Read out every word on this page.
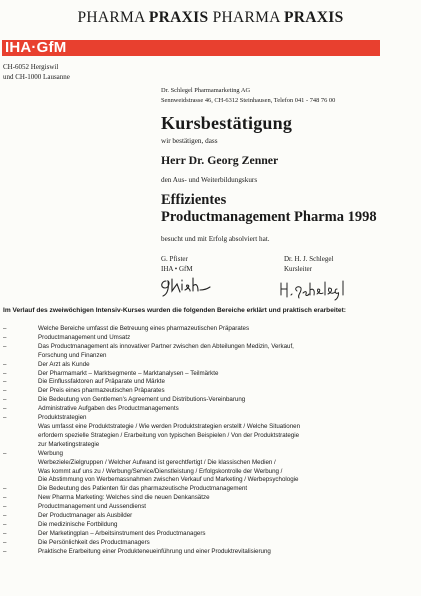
PHARMA PRAXIS PHARMA PRAXIS
IHA·GfM
CH-6052 Hergiswil
und CH-1000 Lausanne
Dr. Schlegel Pharmamarketing AG
Sennweidstrasse 46, CH-6312 Steinhausen, Telefon 041 - 748 76 00
Kursbestätigung
wir bestätigen, dass
Herr Dr. Georg Zenner
den Aus- und Weiterbildungskurs
Effizientes
Productmanagement Pharma 1998
besucht und mit Erfolg absolviert hat.
G. Pfister
IHA • GfM
Dr. H. J. Schlegel
Kursleiter
Im Verlauf des zweiwöchigen Intensiv-Kurses wurden die folgenden Bereiche erklärt und praktisch erarbeitet:
–	Welche Bereiche umfasst die Betreuung eines pharmazeutischen Präparates
–	Productmanagement und Umsatz
–	Das Productmanagement als innovativer Partner zwischen den Abteilungen Medizin, Verkauf,
Forschung und Finanzen
–	Der Arzt als Kunde
–	Der Pharmamarkt – Marktsegmente – Marktanalysen – Teilmärkte
–	Die Einflussfaktoren auf Präparate und Märkte
–	Der Preis eines pharmazeutischen Präparates
–	Die Bedeutung von Gentlemen's Agreement und Distributions-Vereinbarung
–	Administrative Aufgaben des Productmanagements
–	Produktstrategien
Was umfasst eine Produktstrategie / Wie werden Produktstrategien erstellt / Welche Situationen
erfordern spezielle Strategien / Erarbeitung von typischen Beispielen / Von der Produktstrategie
zur Marketingstrategie
–	Werbung
Werbeziele/Zielgruppen / Welcher Aufwand ist gerechtfertigt / Die klassischen Medien /
Was kommt auf uns zu / Werbung/Service/Dienstleistung / Erfolgskontrolle der Werbung /
Die Abstimmung von Werbemassnahmen zwischen Verkauf und Marketing / Werbepsychologie
–	Die Bedeutung des Patienten für das pharmazeutische Productmanagement
–	New Pharma Marketing: Welches sind die neuen Denkansätze
–	Productmanagement und Aussendienst
–	Der Productmanager als Ausbilder
–	Die medizinische Fortbildung
–	Der Marketingplan – Arbeitsinstrument des Productmanagers
–	Die Persönlichkeit des Productmanagers
–	Praktische Erarbeitung einer Produkteneueinführung und einer Produktrevitalisierung
